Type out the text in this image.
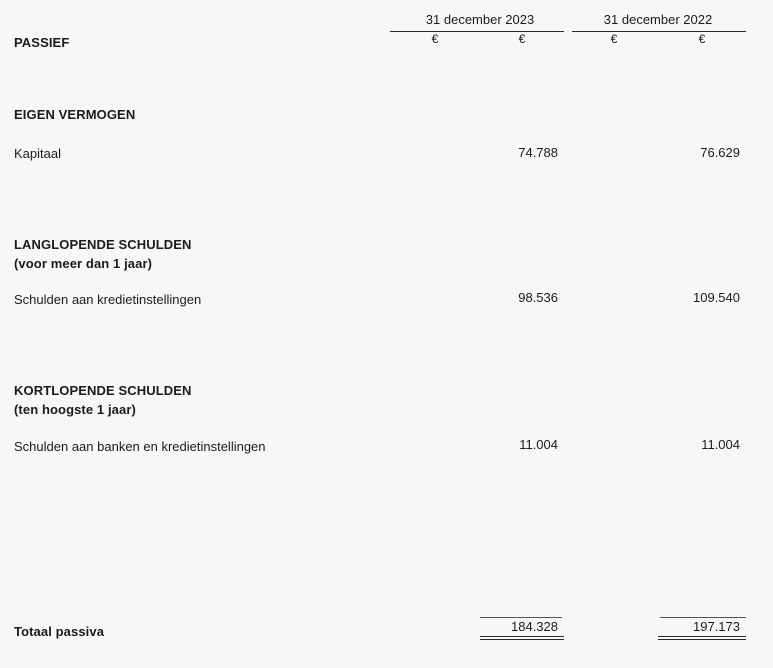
PASSIEF
31 december 2023
€	€
31 december 2022
€	€
EIGEN VERMOGEN
Kapitaal	74.788	76.629
LANGLOPENDE SCHULDEN
(voor meer dan 1 jaar)
Schulden aan kredietinstellingen	98.536	109.540
KORTLOPENDE SCHULDEN
(ten hoogste 1 jaar)
Schulden aan banken en kredietinstellingen	11.004	11.004
Totaal passiva	184.328	197.173
